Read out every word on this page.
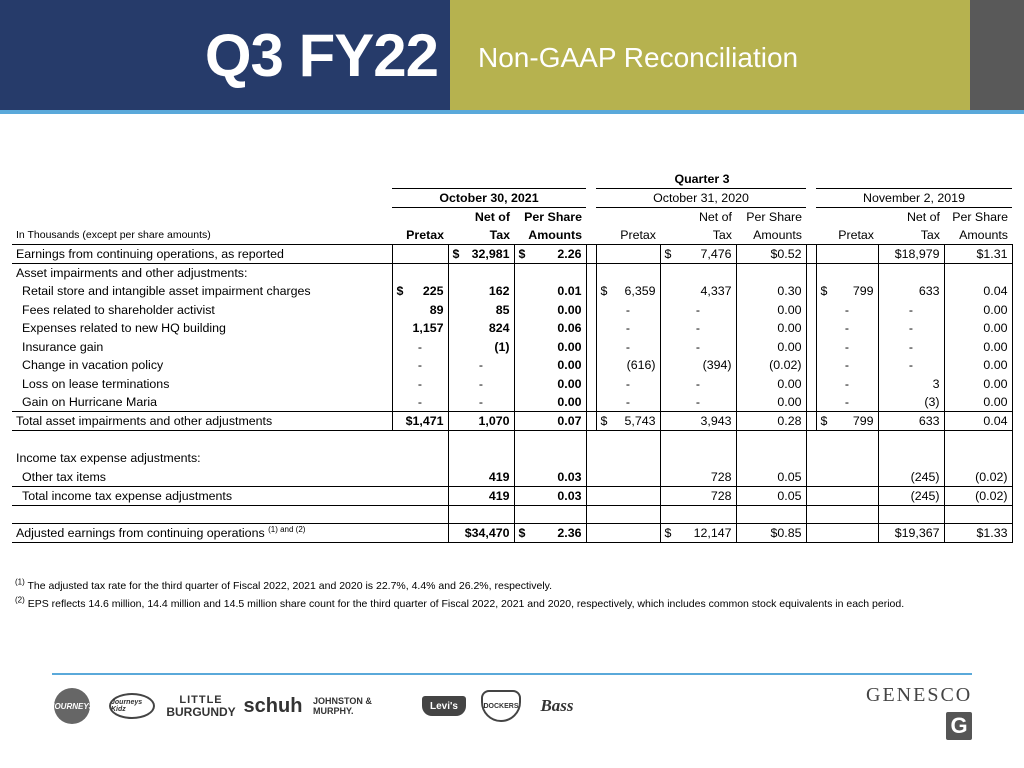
Q3 FY22 Non-GAAP Reconciliation
	Quarter 3										
	October 30, 2021				October 31, 2020				November 2, 2019		
		Net of	Per Share			Net of	Per Share			Net of	Per Share
In Thousands (except per share amounts)	Pretax	Tax	Amounts		Pretax	Tax	Amounts		Pretax	Tax	Amounts
Earnings from continuing operations, as reported		$ 32,981	$ 2.26			$ 7,476	$0.52			$18,979	$1.31
Asset impairments and other adjustments:											
Retail store and intangible asset impairment charges	$ 225	162	0.01		$ 6,359	4,337	0.30		$ 799	633	0.04
Fees related to shareholder activist	89	85	0.00		-	-	0.00		-	-	0.00
Expenses related to new HQ building	1,157	824	0.06		-	-	0.00		-	-	0.00
Insurance gain	-	(1)	0.00		-	-	0.00		-	-	0.00
Change in vacation policy	-	-	0.00		(616)	(394)	(0.02)		-	-	0.00
Loss on lease terminations	-	-	0.00		-	-	0.00		-	3	0.00
Gain on Hurricane Maria	-	-	0.00		-	-	0.00		-	(3)	0.00
Total asset impairments and other adjustments	$1,471	1,070	0.07		$ 5,743	3,943	0.28		$ 799	633	0.04

Income tax expense adjustments:											
Other tax items		419	0.03			728	0.05			(245)	(0.02)
Total income tax expense adjustments		419	0.03			728	0.05			(245)	(0.02)

Adjusted earnings from continuing operations $^{(1) and (2)}$		$34,470	$ 2.36			$ 12,147	$0.85			$19,367	$1.33
$^{(1)}$ The adjusted tax rate for the third quarter of Fiscal 2022, 2021 and 2020 is 22.7%, 4.4% and 26.2%, respectively.
$^{(2)}$ EPS reflects 14.6 million, 14.4 million and 14.5 million share count for the third quarter of Fiscal 2022, 2021 and 2020, respectively, which includes common stock equivalents in each period.
JOURNEYS Journeys Kidz
LITTLE
BURGUNDY schuh JOHNSTON & MURPHY.	Levi's	DOCKERS	Bass	GENESCO
G
